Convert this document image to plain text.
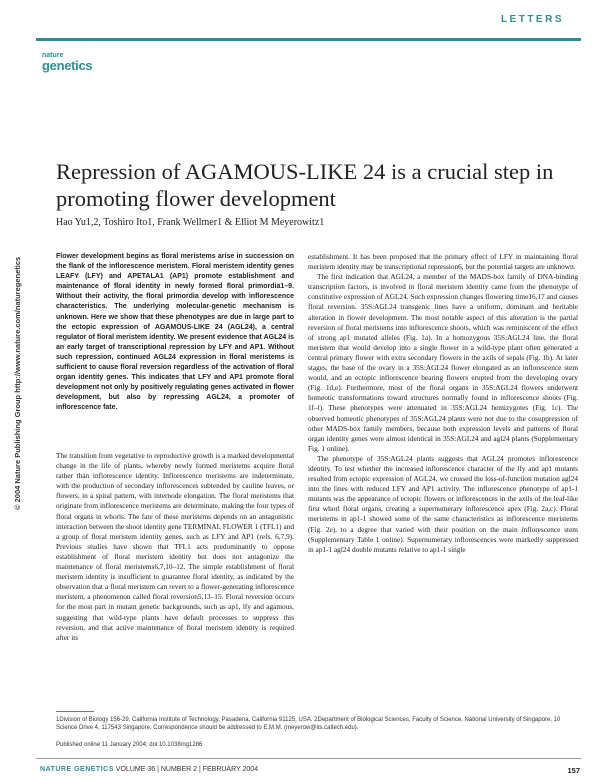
LETTERS
nature
genetics
© 2004 Nature Publishing Group http://www.nature.com/naturegenetics
Repression of AGAMOUS-LIKE 24 is a crucial step in promoting flower development
Hao Yu1,2, Toshiro Ito1, Frank Wellmer1 & Elliot M Meyerowitz1

Flower development begins as floral meristems arise in succession on the flank of the inflorescence meristem. Floral meristem identity genes LEAFY (LFY) and APETALA1 (AP1) promote establishment and maintenance of floral identity in newly formed floral primordia1–9. Without their activity, the floral primordia develop with inflorescence characteristics. The underlying molecular-genetic mechanism is unknown. Here we show that these phenotypes are due in large part to the ectopic expression of AGAMOUS-LIKE 24 (AGL24), a central regulator of floral meristem identity. We present evidence that AGL24 is an early target of transcriptional repression by LFY and AP1. Without such repression, continued AGL24 expression in floral meristems is sufficient to cause floral reversion regardless of the activation of floral organ identity genes. This indicates that LFY and AP1 promote floral development not only by positively regulating genes activated in flower development, but also by repressing AGL24, a promoter of inflorescence fate.

The transition from vegetative to reproductive growth is a marked developmental change in the life of plants, whereby newly formed meristems acquire floral rather than inflorescence identity. Inflorescence meristems are indeterminate, with the production of secondary inflorescences subtended by cauline leaves, or flowers, in a spiral pattern, with internode elongation. The floral meristems that originate from inflorescence meristems are determinate, making the four types of floral organs in whorls. The fate of these meristems depends on an antagonistic interaction between the shoot identity gene TERMINAL FLOWER 1 (TFL1) and a group of floral meristem identity genes, such as LFY and AP1 (refs. 6,7,9). Previous studies have shown that TFL1 acts predominantly to oppose establishment of floral meristem identity but does not antagonize the maintenance of floral meristems6,7,10–12. The simple establishment of floral meristem identity is insufficient to guarantee floral identity, as indicated by the observation that a floral meristem can revert to a flower-generating inflorescence meristem, a phenomenon called floral reversion5,13–15. Floral reversion occurs for the most part in mutant genetic backgrounds, such as ap1, lfy and agamous, suggesting that wild-type plants have default processes to suppress this reversion, and that active maintenance of floral meristem identity is required after its

establishment. It has been proposed that the primary effect of LFY in maintaining floral meristem identity may be transcriptional repression6, but the potential targets are unknown.

The first indication that AGL24, a member of the MADS-box family of DNA-binding transcription factors, is involved in floral meristem identity came from the phenotype of constitutive expression of AGL24. Such expression changes flowering time16,17 and causes floral reversion. 35S:AGL24 transgenic lines have a uniform, dominant and heritable alteration in flower development. The most notable aspect of this alteration is the partial reversion of floral meristems into inflorescence shoots, which was reminiscent of the effect of strong ap1 mutated alleles (Fig. 1a). In a homozygous 35S:AGL24 line, the floral meristem that would develop into a single flower in a wild-type plant often generated a central primary flower with extra secondary flowers in the axils of sepals (Fig. 1b). At later stages, the base of the ovary in a 35S:AGL24 flower elongated as an inflorescence stem would, and an ectopic inflorescence bearing flowers erupted from the developing ovary (Fig. 1d,e). Furthermore, most of the floral organs in 35S:AGL24 flowers underwent homeotic transformations toward structures normally found in inflorescence shoots (Fig. 1f–l). These phenotypes were attenuated in 35S:AGL24 hemizygotes (Fig. 1c). The observed homeotic phenotypes of 35S:AGL24 plants were not due to the cosuppression of other MADS-box family members, because both expression levels and patterns of floral organ identity genes were almost identical in 35S:AGL24 and agl24 plants (Supplementary Fig. 1 online).

The phenotype of 35S:AGL24 plants suggests that AGL24 promotes inflorescence identity. To test whether the increased inflorescence character of the lfy and ap1 mutants resulted from ectopic expression of AGL24, we crossed the loss-of-function mutation agl24 into the lines with reduced LFY and AP1 activity. The inflorescence phenotype of ap1-1 mutants was the appearance of ectopic flowers or inflorescences in the axils of the leaf-like first whorl floral organs, creating a supernumerary inflorescence apex (Fig. 2a,c). Floral meristems in ap1-1 showed some of the same characteristics as inflorescence meristems (Fig. 2e), to a degree that varied with their position on the main inflorescence stem (Supplementary Table 1 online). Supernumerary inflorescences were markedly suppressed in ap1-1 agl24 double mutants relative to ap1-1 single

1Division of Biology 156-29, California Institute of Technology, Pasadena, California 91125, USA. 2Department of Biological Sciences, Faculty of Science, National University of Singapore, 10 Science Drive 4, 117543 Singapore. Correspondence should be addressed to E.M.M. (meyerow@its.caltech.edu).
Published online 11 January 2004; doi:10.1038/ng1286
NATURE GENETICS VOLUME 36 | NUMBER 2 | FEBRUARY 2004	157
